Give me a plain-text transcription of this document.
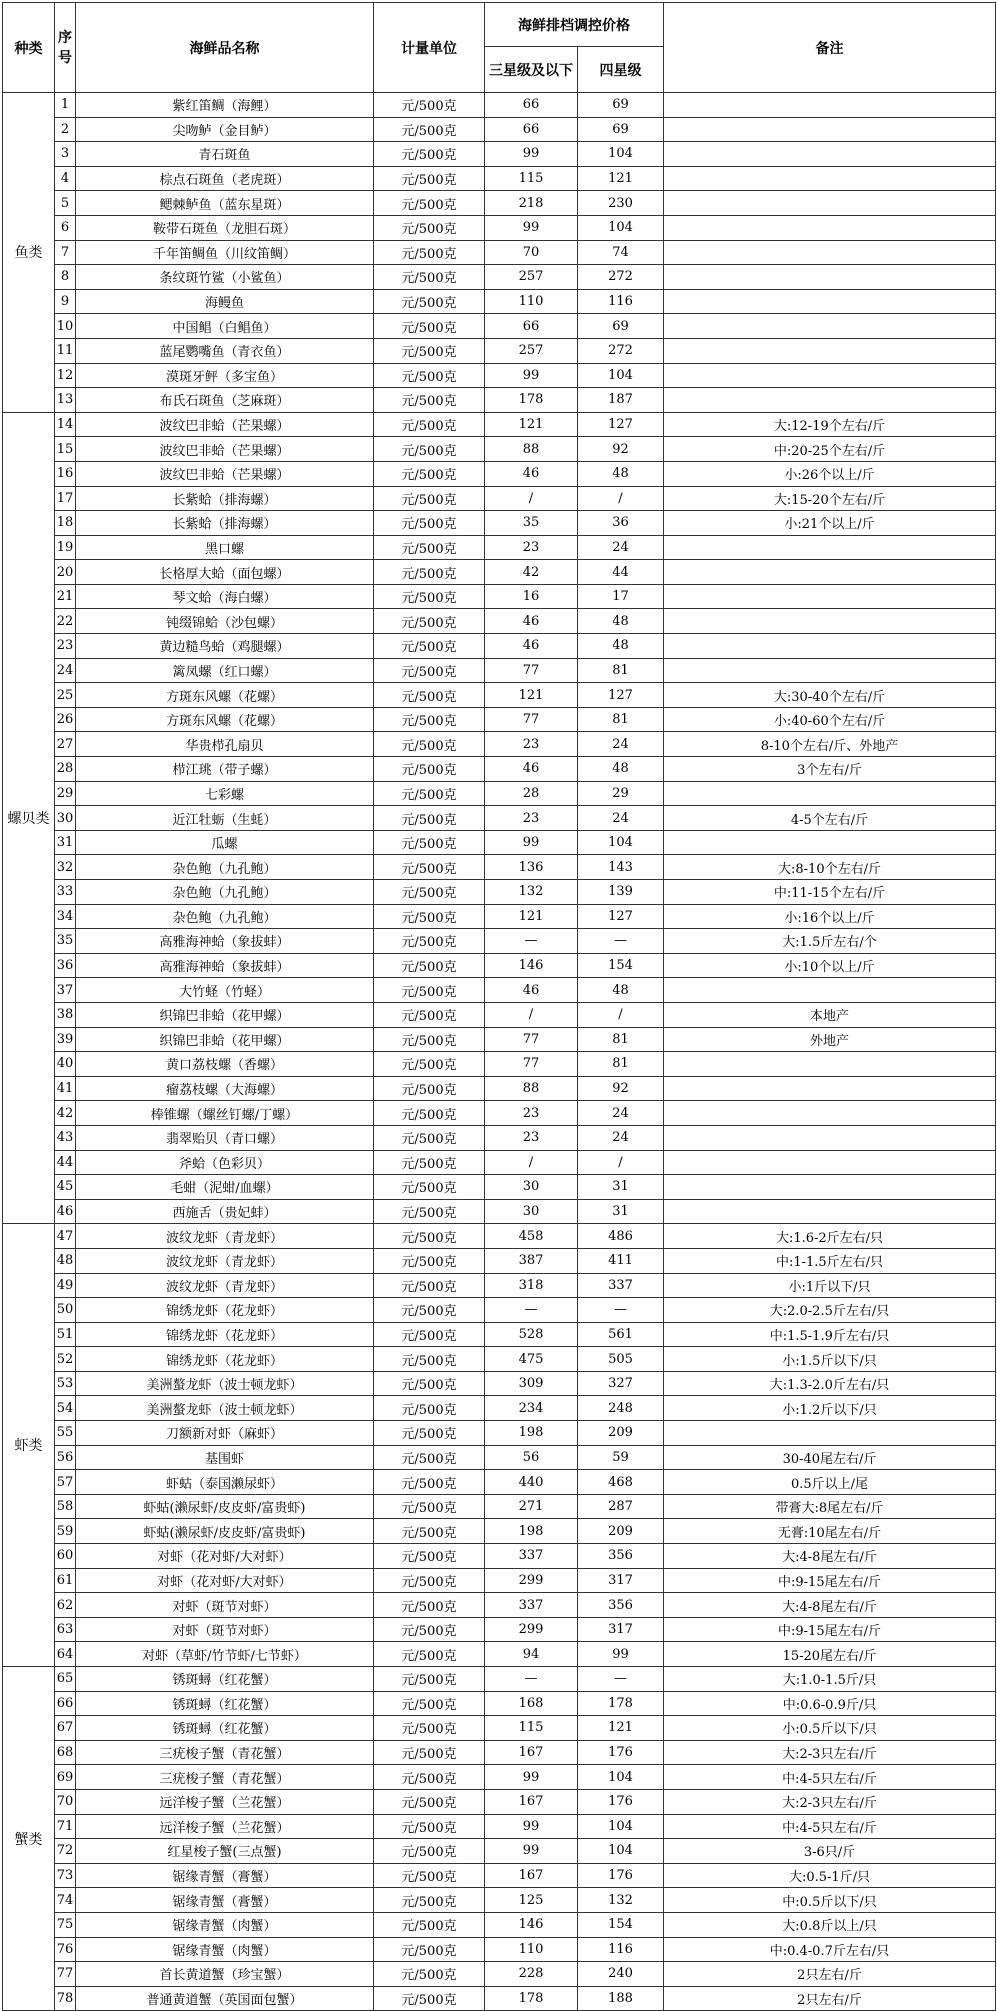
种类	序号	海鲜品名称	计量单位	海鲜排档调控价格		备注
				三星级及以下	四星级	
鱼类	1	紫红笛鲷（海鲤）	元/500克	66	69	
	2	尖吻鲈（金目鲈）	元/500克	66	69	
	3	青石斑鱼	元/500克	99	104	
	4	棕点石斑鱼（老虎斑）	元/500克	115	121	
	5	鳃棘鲈鱼（蓝东星斑）	元/500克	218	230	
	6	鞍带石斑鱼（龙胆石斑）	元/500克	99	104	
	7	千年笛鲷鱼（川纹笛鲷）	元/500克	70	74	
	8	条纹斑竹鲨（小鲨鱼）	元/500克	257	272	
	9	海鳗鱼	元/500克	110	116	
	10	中国鲳（白鲳鱼）	元/500克	66	69	
	11	蓝尾鹦嘴鱼（青衣鱼）	元/500克	257	272	
	12	漠斑牙鲆（多宝鱼）	元/500克	99	104	
	13	布氏石斑鱼（芝麻斑）	元/500克	178	187	
螺贝类	14	波纹巴非蛤（芒果螺）	元/500克	121	127	大:12-19个左右/斤
	15	波纹巴非蛤（芒果螺）	元/500克	88	92	中:20-25个左右/斤
	16	波纹巴非蛤（芒果螺）	元/500克	46	48	小:26个以上/斤
	17	长紫蛤（排海螺）	元/500克	/	/	大:15-20个左右/斤
	18	长紫蛤（排海螺）	元/500克	35	36	小:21个以上/斤
	19	黑口螺	元/500克	23	24	
	20	长格厚大蛤（面包螺）	元/500克	42	44	
	21	琴文蛤（海白螺）	元/500克	16	17	
	22	钝缀锦蛤（沙包螺）	元/500克	46	48	
	23	黄边糙鸟蛤（鸡腿螺）	元/500克	46	48	
	24	篱凤螺（红口螺）	元/500克	77	81	
	25	方斑东风螺（花螺）	元/500克	121	127	大:30-40个左右/斤
	26	方斑东风螺（花螺）	元/500克	77	81	小:40-60个左右/斤
	27	华贵栉孔扇贝	元/500克	23	24	8-10个左右/斤、外地产
	28	栉江珧（带子螺）	元/500克	46	48	3个左右/斤
	29	七彩螺	元/500克	28	29	
	30	近江牡蛎（生蚝）	元/500克	23	24	4-5个左右/斤
	31	瓜螺	元/500克	99	104	
	32	杂色鲍（九孔鲍）	元/500克	136	143	大:8-10个左右/斤
	33	杂色鲍（九孔鲍）	元/500克	132	139	中:11-15个左右/斤
	34	杂色鲍（九孔鲍）	元/500克	121	127	小:16个以上/斤
	35	高雅海神蛤（象拔蚌）	元/500克	—	—	大:1.5斤左右/个
	36	高雅海神蛤（象拔蚌）	元/500克	146	154	小:10个以上/斤
	37	大竹蛏（竹蛏）	元/500克	46	48	
	38	织锦巴非蛤（花甲螺）	元/500克	/	/	本地产
	39	织锦巴非蛤（花甲螺）	元/500克	77	81	外地产
	40	黄口荔枝螺（香螺）	元/500克	77	81	
	41	瘤荔枝螺（大海螺）	元/500克	88	92	
	42	棒锥螺（螺丝钉螺/丁螺）	元/500克	23	24	
	43	翡翠贻贝（青口螺）	元/500克	23	24	
	44	斧蛤（色彩贝）	元/500克	/	/	
	45	毛蚶（泥蚶/血螺）	元/500克	30	31	
	46	西施舌（贵妃蚌）	元/500克	30	31	
虾类	47	波纹龙虾（青龙虾）	元/500克	458	486	大:1.6-2斤左右/只
	48	波纹龙虾（青龙虾）	元/500克	387	411	中:1-1.5斤左右/只
	49	波纹龙虾（青龙虾）	元/500克	318	337	小:1斤以下/只
	50	锦绣龙虾（花龙虾）	元/500克	—	—	大:2.0-2.5斤左右/只
	51	锦绣龙虾（花龙虾）	元/500克	528	561	中:1.5-1.9斤左右/只
	52	锦绣龙虾（花龙虾）	元/500克	475	505	小:1.5斤以下/只
	53	美洲螯龙虾（波士顿龙虾）	元/500克	309	327	大:1.3-2.0斤左右/只
	54	美洲螯龙虾（波士顿龙虾）	元/500克	234	248	小:1.2斤以下/只
	55	刀额新对虾（麻虾）	元/500克	198	209	
	56	基围虾	元/500克	56	59	30-40尾左右/斤
	57	虾蛄（泰国濑尿虾）	元/500克	440	468	0.5斤以上/尾
	58	虾蛄(濑尿虾/皮皮虾/富贵虾)	元/500克	271	287	带膏大:8尾左右/斤
	59	虾蛄(濑尿虾/皮皮虾/富贵虾)	元/500克	198	209	无膏:10尾左右/斤
	60	对虾（花对虾/大对虾）	元/500克	337	356	大:4-8尾左右/斤
	61	对虾（花对虾/大对虾）	元/500克	299	317	中:9-15尾左右/斤
	62	对虾（斑节对虾）	元/500克	337	356	大:4-8尾左右/斤
	63	对虾（斑节对虾）	元/500克	299	317	中:9-15尾左右/斤
	64	对虾（草虾/竹节虾/七节虾）	元/500克	94	99	15-20尾左右/斤
蟹类	65	锈斑蟳（红花蟹）	元/500克	—	—	大:1.0-1.5斤/只
	66	锈斑蟳（红花蟹）	元/500克	168	178	中:0.6-0.9斤/只
	67	锈斑蟳（红花蟹）	元/500克	115	121	小:0.5斤以下/只
	68	三疣梭子蟹（青花蟹）	元/500克	167	176	大:2-3只左右/斤
	69	三疣梭子蟹（青花蟹）	元/500克	99	104	中:4-5只左右/斤
	70	远洋梭子蟹（兰花蟹）	元/500克	167	176	大:2-3只左右/斤
	71	远洋梭子蟹（兰花蟹）	元/500克	99	104	中:4-5只左右/斤
	72	红星梭子蟹(三点蟹)	元/500克	99	104	3-6只/斤
	73	锯缘青蟹（膏蟹）	元/500克	167	176	大:0.5-1斤/只
	74	锯缘青蟹（膏蟹）	元/500克	125	132	中:0.5斤以下/只
	75	锯缘青蟹（肉蟹）	元/500克	146	154	大:0.8斤以上/只
	76	锯缘青蟹（肉蟹）	元/500克	110	116	中:0.4-0.7斤左右/只
	77	首长黄道蟹（珍宝蟹）	元/500克	228	240	2只左右/斤
	78	普通黄道蟹（英国面包蟹）	元/500克	178	188	2只左右/斤
